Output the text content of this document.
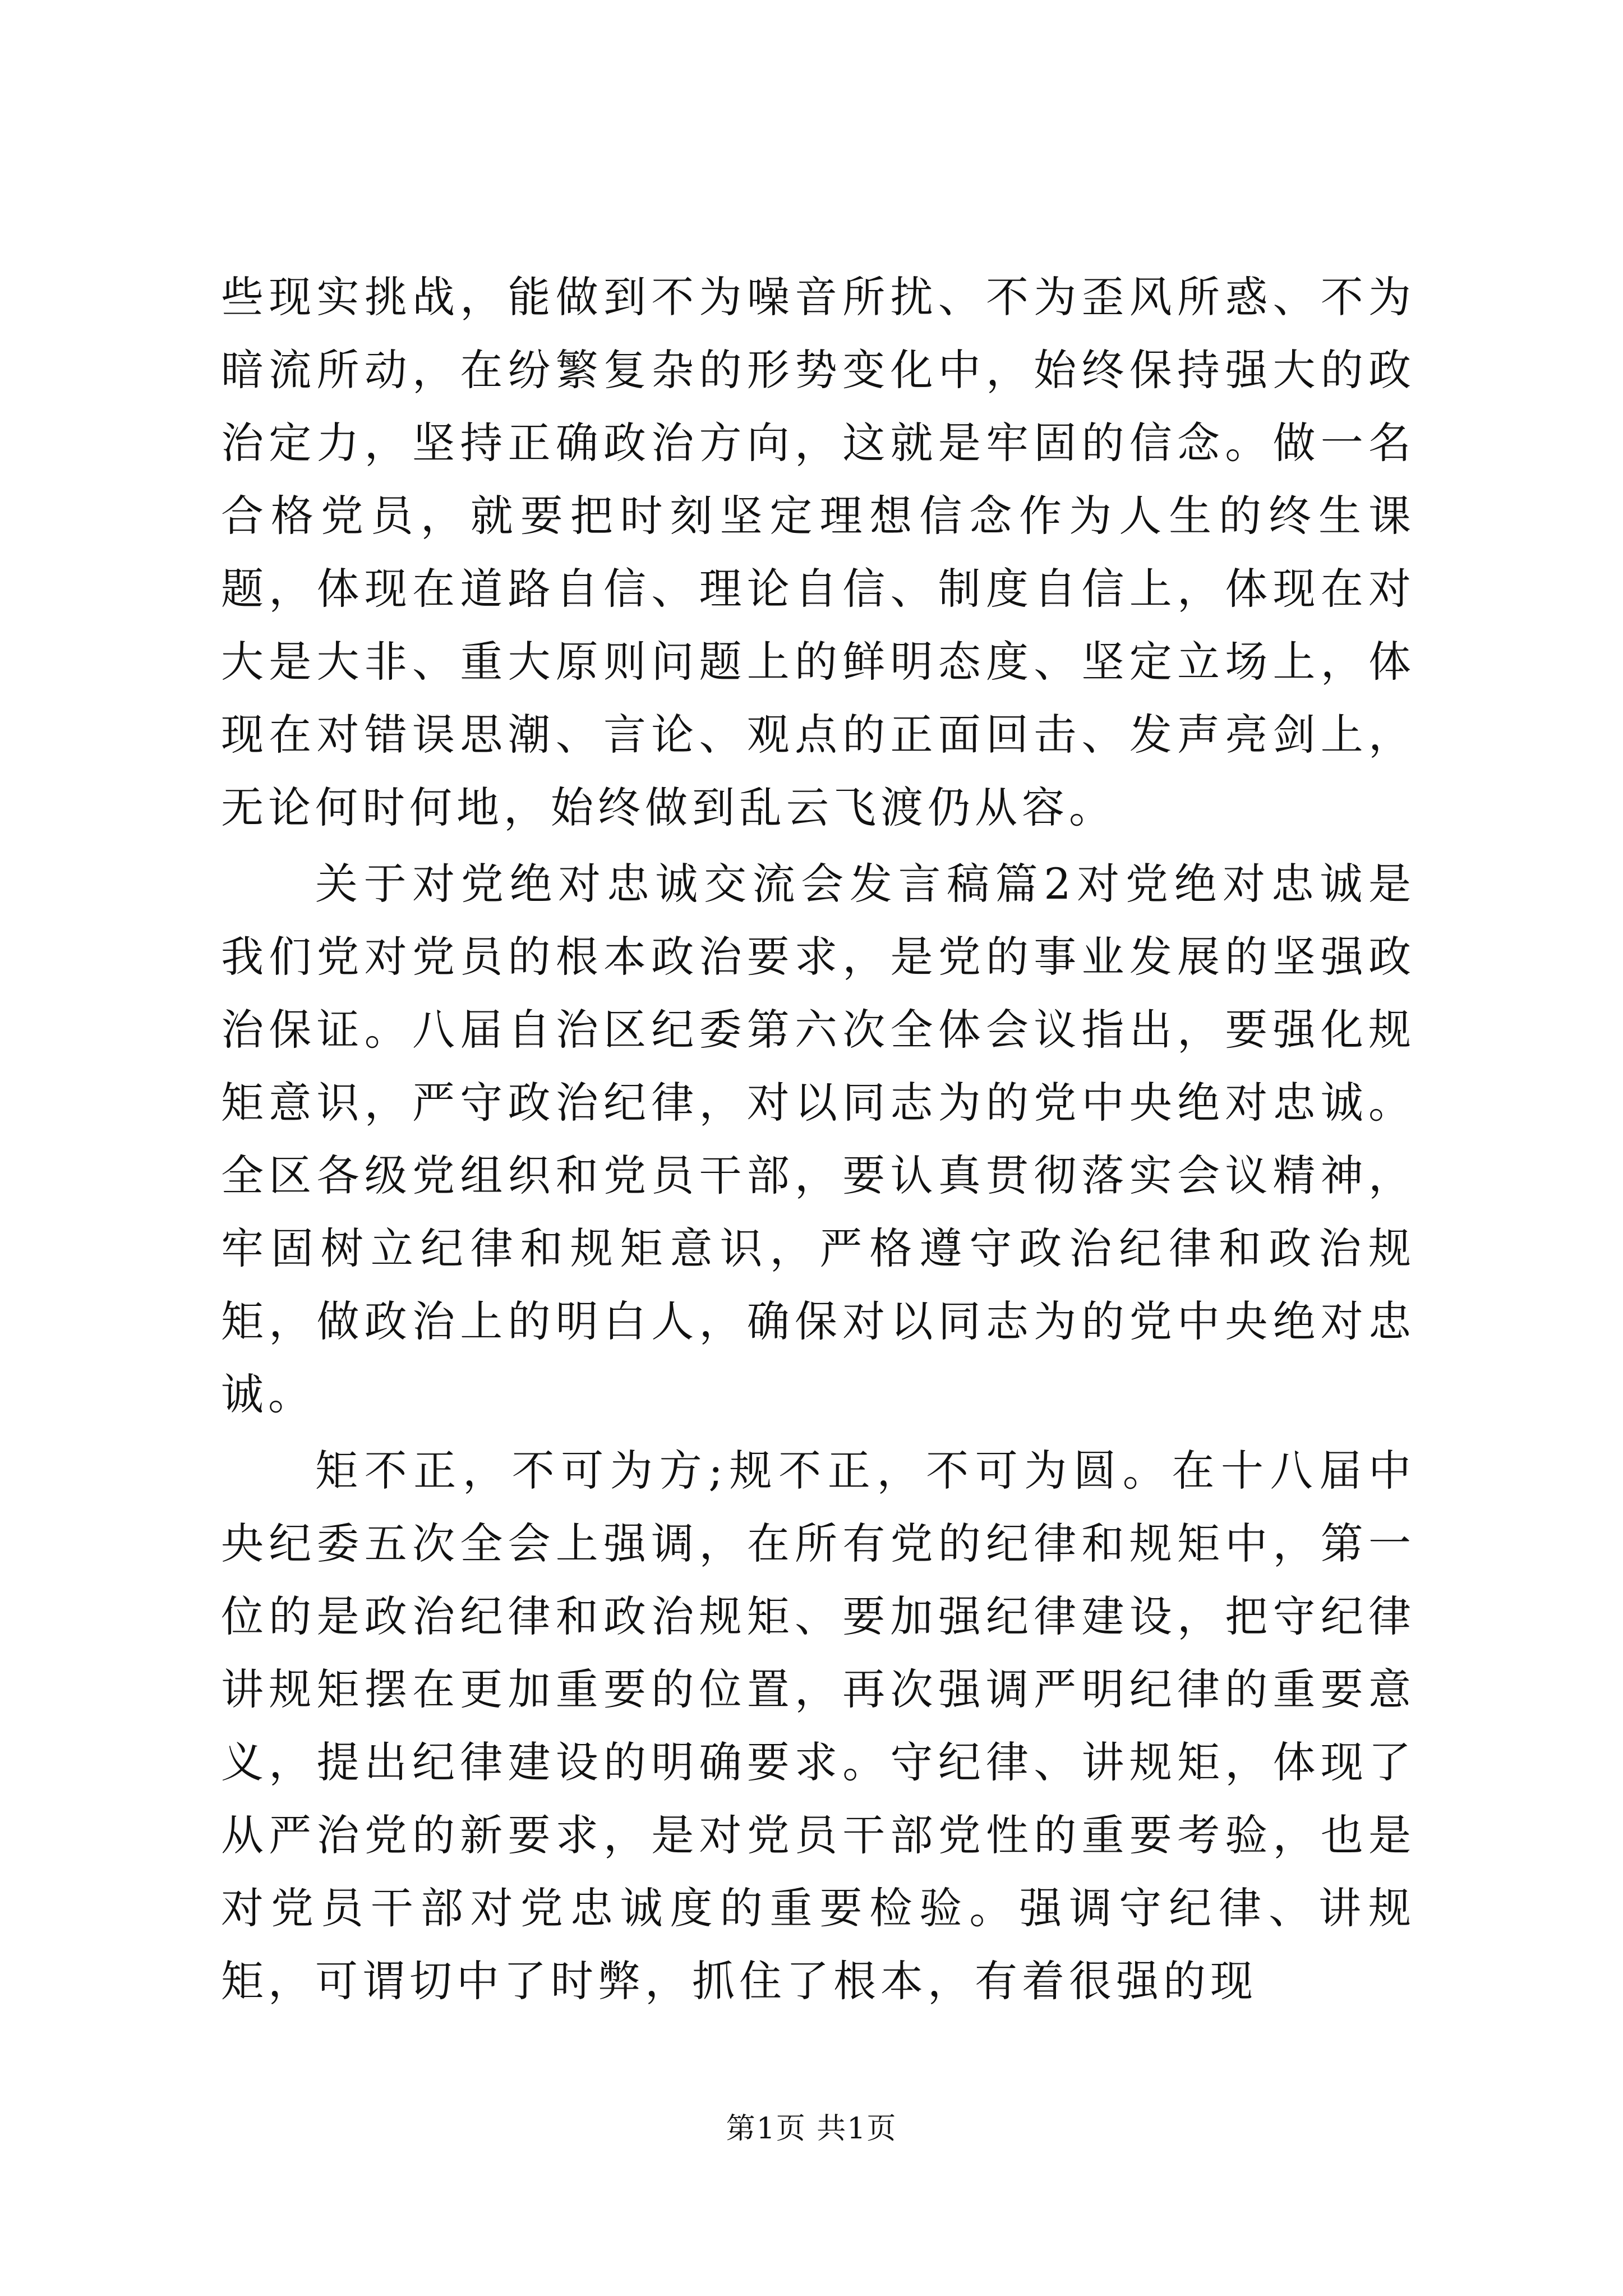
些现实挑战，能做到不为噪音所扰、不为歪风所惑、不为暗流所动，在纷繁复杂的形势变化中，始终保持强大的政治定力，坚持正确政治方向，这就是牢固的信念。做一名合格党员，就要把时刻坚定理想信念作为人生的终生课题，体现在道路自信、理论自信、制度自信上，体现在对大是大非、重大原则问题上的鲜明态度、坚定立场上，体现在对错误思潮、言论、观点的正面回击、发声亮剑上，无论何时何地，始终做到乱云飞渡仍从容。

关于对党绝对忠诚交流会发言稿篇2对党绝对忠诚是我们党对党员的根本政治要求，是党的事业发展的坚强政治保证。八届自治区纪委第六次全体会议指出，要强化规矩意识，严守政治纪律，对以同志为的党中央绝对忠诚。全区各级党组织和党员干部，要认真贯彻落实会议精神，牢固树立纪律和规矩意识，严格遵守政治纪律和政治规矩，做政治上的明白人，确保对以同志为的党中央绝对忠诚。

矩不正，不可为方;规不正，不可为圆。在十八届中央纪委五次全会上强调，在所有党的纪律和规矩中，第一位的是政治纪律和政治规矩、要加强纪律建设，把守纪律讲规矩摆在更加重要的位置，再次强调严明纪律的重要意义，提出纪律建设的明确要求。守纪律、讲规矩，体现了从严治党的新要求，是对党员干部党性的重要考验，也是对党员干部对党忠诚度的重要检验。强调守纪律、讲规矩，可谓切中了时弊，抓住了根本，有着很强的现

第1页 共1页
